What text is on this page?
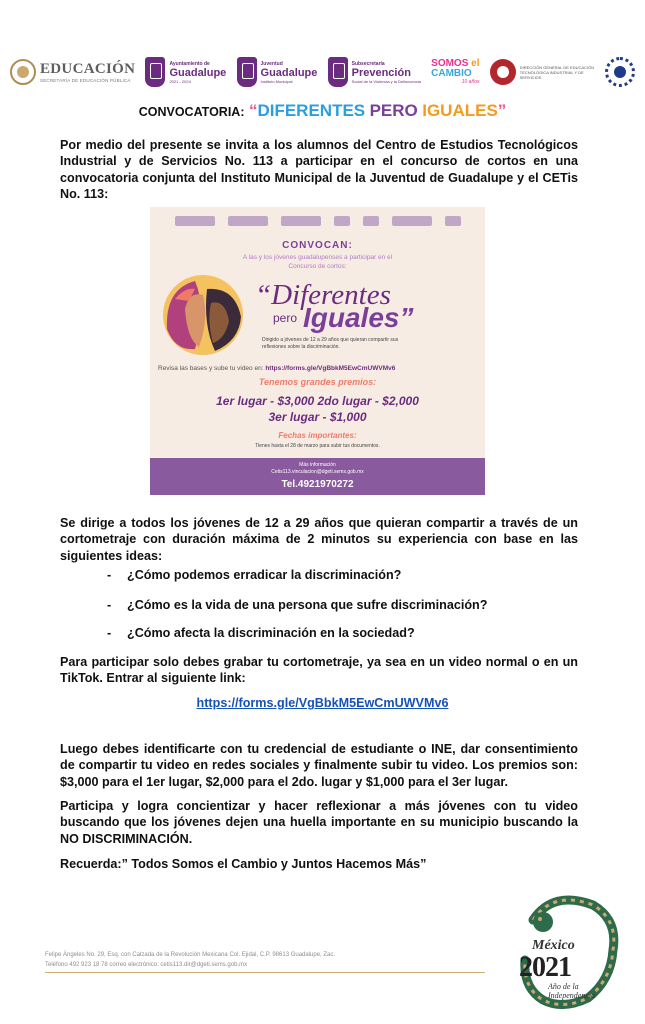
EDUCACIÓN
SECRETARÍA DE EDUCACIÓN PÚBLICA
Ayuntamiento de
Guadalupe
2021 - 2024
Juventud
Guadalupe
Instituto Municipal
Subsecretaría
Prevención
Social de la Violencia y la Delincuencia
SOMOS el
CAMBIO
10 años
DIRECCIÓN GENERAL DE EDUCACIÓN TECNOLÓGICA INDUSTRIAL Y DE SERVICIOS
CONVOCATORIA: “DIFERENTES PERO IGUALES”
Por medio del presente se invita a los alumnos del Centro de Estudios Tecnológicos Industrial y de Servicios No. 113 a participar en el concurso de cortos en una convocatoria conjunta del Instituto Municipal de la Juventud de Guadalupe y el CETis No. 113:
CONVOCAN:
A las y los jóvenes guadalupenses a participar en el
Concurso de cortos:
“Diferentes
pero Iguales”
Dirigido a jóvenes de 12 a 29 años que quieran compartir sus reflexiones sobre la discriminación.
Revisa las bases y sube tu video en: https://forms.gle/VgBbkM5EwCmUWVMv6
Tenemos grandes premios:
1er lugar - $3,000 2do lugar - $2,000
3er lugar - $1,000
Fechas importantes:
Tienes hasta el 28 de marzo para subir tus documentos.
Más información
Cetis113.vinculacion@dgeti.sems.gob.mx
Tel.4921970272
Se dirige a todos los jóvenes de 12 a 29 años que quieran compartir a través de un cortometraje con duración máxima de 2 minutos su experiencia con base en las siguientes ideas:
-	¿Cómo podemos erradicar la discriminación?
-	¿Cómo es la vida de una persona que sufre discriminación?
-	¿Cómo afecta la discriminación en la sociedad?
Para participar solo debes grabar tu cortometraje, ya sea en un video normal o en un TikTok. Entrar al siguiente link:
https://forms.gle/VgBbkM5EwCmUWVMv6
Luego debes identificarte con tu credencial de estudiante o INE, dar consentimiento de compartir tu video en redes sociales y finalmente subir tu video. Los premios son: $3,000 para el 1er lugar, $2,000 para el 2do. lugar y $1,000 para el 3er lugar.
Participa y logra concientizar y hacer reflexionar a más jóvenes con tu video buscando que los jóvenes dejen una huella importante en su municipio buscando la NO DISCRIMINACIÓN.
Recuerda:” Todos Somos el Cambio y Juntos Hacemos Más”
Felipe Ángeles No. 29, Esq. con Calzada de la Revolución Mexicana Col. Ejidal, C.P. 98613 Guadalupe, Zac.
Teléfono 492 923 18 78 correo electrónico: cetis113.dir@dgeti.sems.gob.mx
México
2021
Año de la
Independencia
